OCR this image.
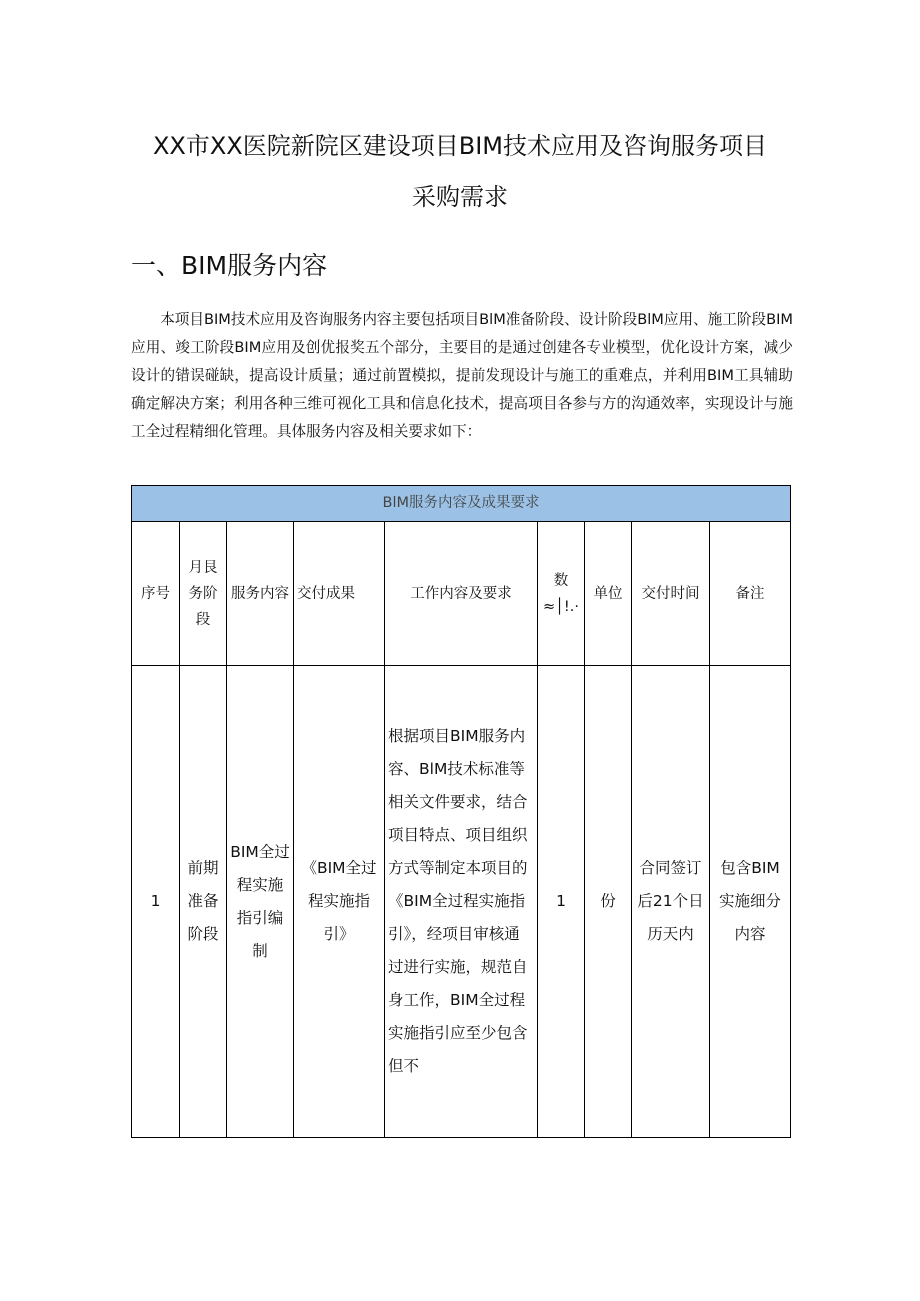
XX市XX医院新院区建设项目BIM技术应用及咨询服务项目
采购需求
一、BIM服务内容

本项目BIM技术应用及咨询服务内容主要包括项目BlM准备阶段、设计阶段BlM应用、施工阶段BIM应用、竣工阶段BIM应用及创优报奖五个部分，主要目的是通过创建各专业模型，优化设计方案，减少设计的错误碰缺，提高设计质量；通过前置模拟，提前发现设计与施工的重难点，并利用BIM工具辅助确定解决方案；利用各种三维可视化工具和信息化技术，提高项目各参与方的沟通效率，实现设计与施工全过程精细化管理。具体服务内容及相关要求如下：

BlM服务内容及成果要求								
序号	月艮务阶段	服务内容	交付成果	工作内容及要求	数≈│!.·	单位	交付时间	备注
1	前期准备阶段	BIM全过程实施指引编制	《BIM全过程实施指引》	根据项目BIM服务内容、BlM技术标准等相关文件要求，结合项目特点、项目组织方式等制定本项目的《BIM全过程实施指引》，经项目审核通过进行实施，规范自身工作，BIM全过程实施指引应至少包含但不	1	份	合同签订后21个日历天内	包含BIM实施细分内容
